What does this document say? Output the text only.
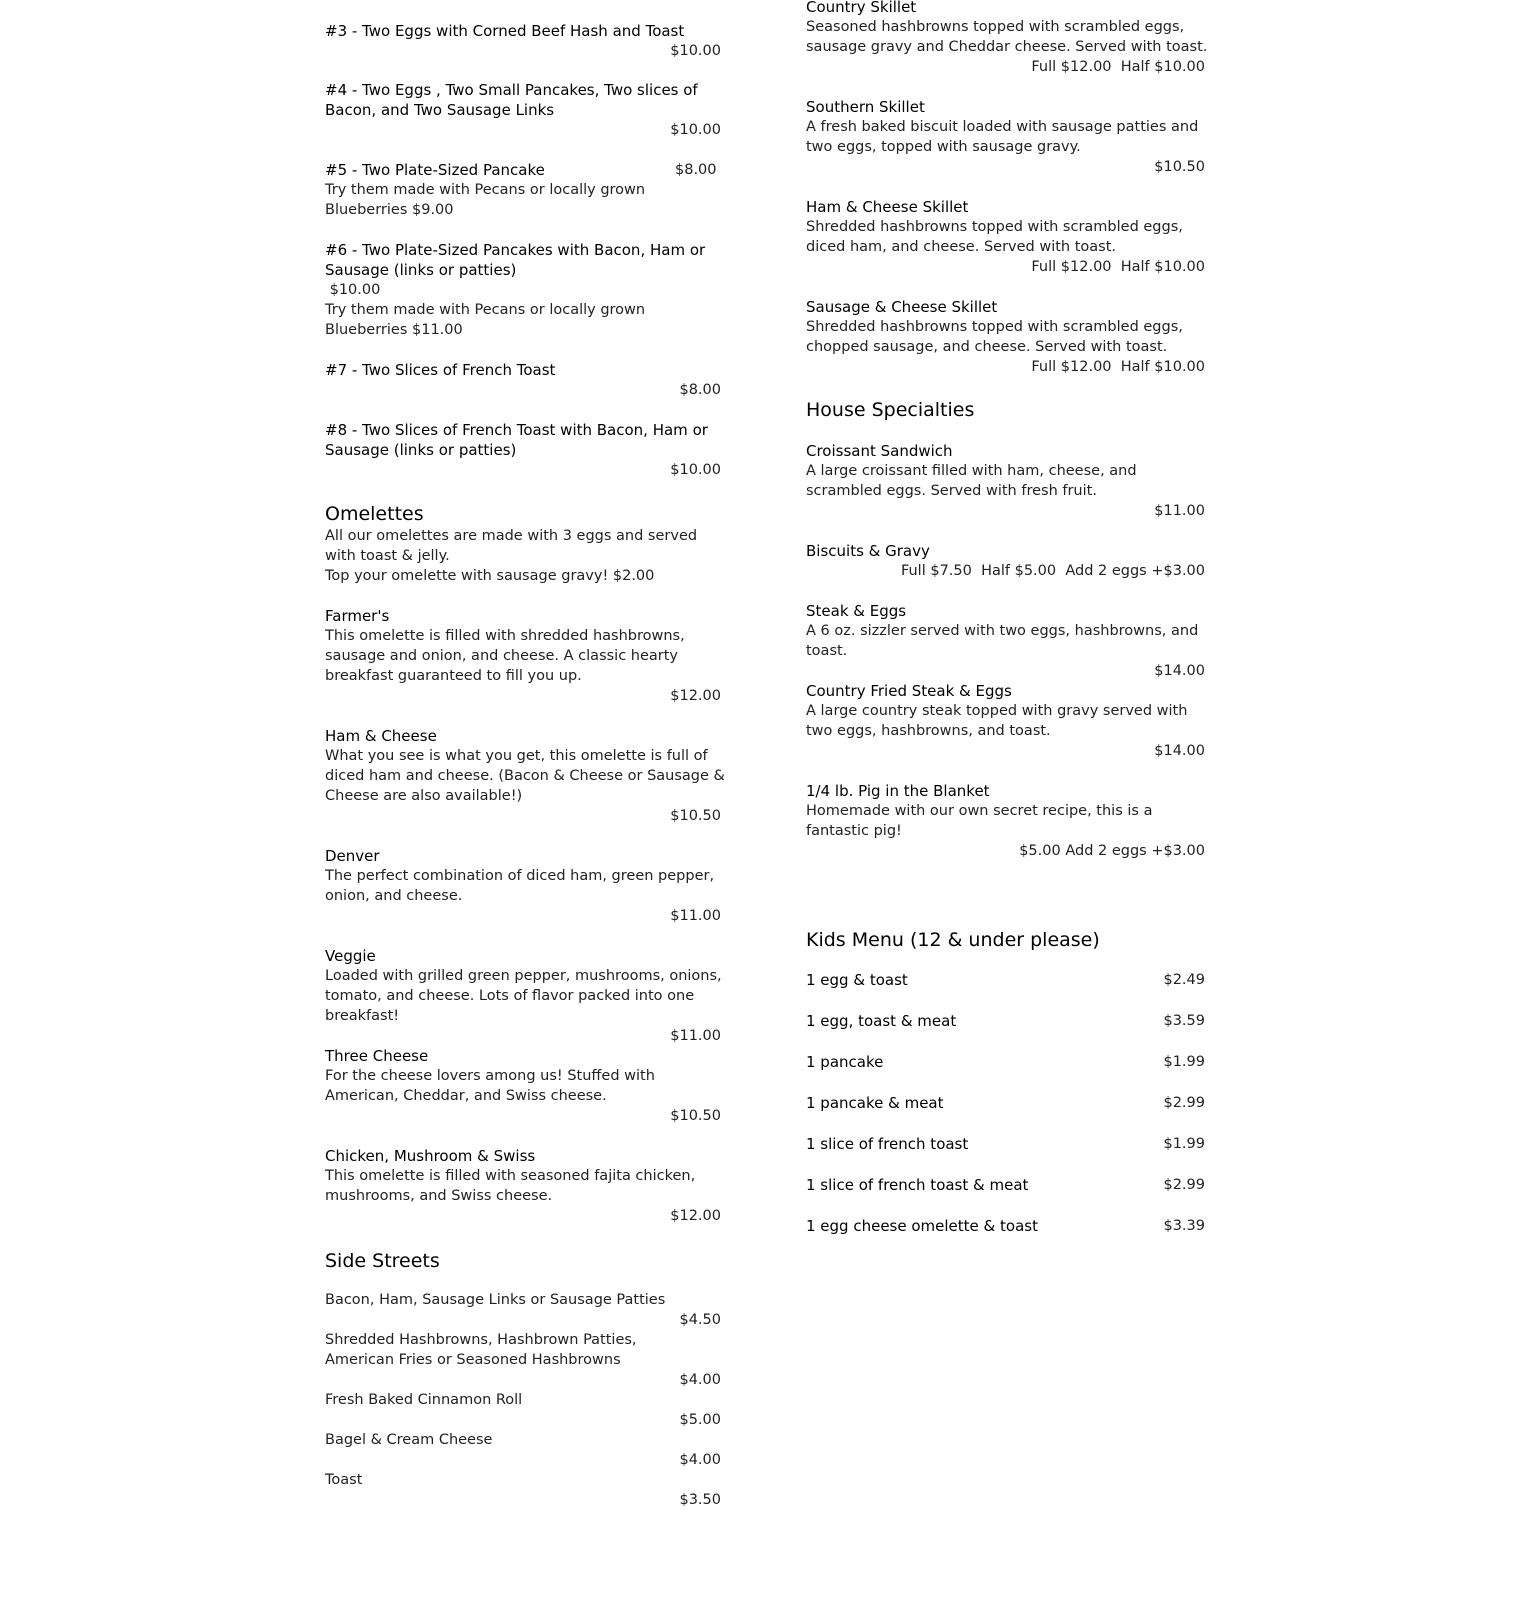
#3 - Two Eggs with Corned Beef Hash and Toast
$10.00
#4 - Two Eggs , Two Small Pancakes, Two slices of
Bacon, and Two Sausage Links
$10.00
#5 - Two Plate-Sized Pancake	$8.00
Try them made with Pecans or locally grown
Blueberries $9.00
#6 - Two Plate-Sized Pancakes with Bacon, Ham or
Sausage (links or patties)
$10.00
Try them made with Pecans or locally grown
Blueberries $11.00
#7 - Two Slices of French Toast
$8.00
#8 - Two Slices of French Toast with Bacon, Ham or
Sausage (links or patties)
$10.00
Omelettes
All our omelettes are made with 3 eggs and served
with toast & jelly.
Top your omelette with sausage gravy! $2.00
Farmer's
This omelette is filled with shredded hashbrowns,
sausage and onion, and cheese. A classic hearty
breakfast guaranteed to fill you up.
$12.00
Ham & Cheese
What you see is what you get, this omelette is full of
diced ham and cheese. (Bacon & Cheese or Sausage &
Cheese are also available!)
$10.50
Denver
The perfect combination of diced ham, green pepper,
onion, and cheese.
$11.00
Veggie
Loaded with grilled green pepper, mushrooms, onions,
tomato, and cheese. Lots of flavor packed into one
breakfast!
$11.00
Three Cheese
For the cheese lovers among us! Stuffed with
American, Cheddar, and Swiss cheese.
$10.50
Chicken, Mushroom & Swiss
This omelette is filled with seasoned fajita chicken,
mushrooms, and Swiss cheese.
$12.00
Side Streets
Bacon, Ham, Sausage Links or Sausage Patties
$4.50
Shredded Hashbrowns, Hashbrown Patties,
American Fries or Seasoned Hashbrowns
$4.00
Fresh Baked Cinnamon Roll
$5.00
Bagel & Cream Cheese
$4.00
Toast
$3.50
Country Skillet
Seasoned hashbrowns topped with scrambled eggs,
sausage gravy and Cheddar cheese. Served with toast.
Full $12.00  Half $10.00
Southern Skillet
A fresh baked biscuit loaded with sausage patties and
two eggs, topped with sausage gravy.
$10.50
Ham & Cheese Skillet
Shredded hashbrowns topped with scrambled eggs,
diced ham, and cheese. Served with toast.
Full $12.00  Half $10.00
Sausage & Cheese Skillet
Shredded hashbrowns topped with scrambled eggs,
chopped sausage, and cheese. Served with toast.
Full $12.00  Half $10.00
House Specialties
Croissant Sandwich
A large croissant filled with ham, cheese, and
scrambled eggs. Served with fresh fruit.
$11.00
Biscuits & Gravy
Full $7.50  Half $5.00  Add 2 eggs +$3.00
Steak & Eggs
A 6 oz. sizzler served with two eggs, hashbrowns, and
toast.
$14.00
Country Fried Steak & Eggs
A large country steak topped with gravy served with
two eggs, hashbrowns, and toast.
$14.00
1/4 lb. Pig in the Blanket
Homemade with our own secret recipe, this is a
fantastic pig!
$5.00 Add 2 eggs +$3.00
Kids Menu (12 & under please)
1 egg & toast	$2.49
1 egg, toast & meat	$3.59
1 pancake	$1.99
1 pancake & meat	$2.99
1 slice of french toast	$1.99
1 slice of french toast & meat	$2.99
1 egg cheese omelette & toast	$3.39
